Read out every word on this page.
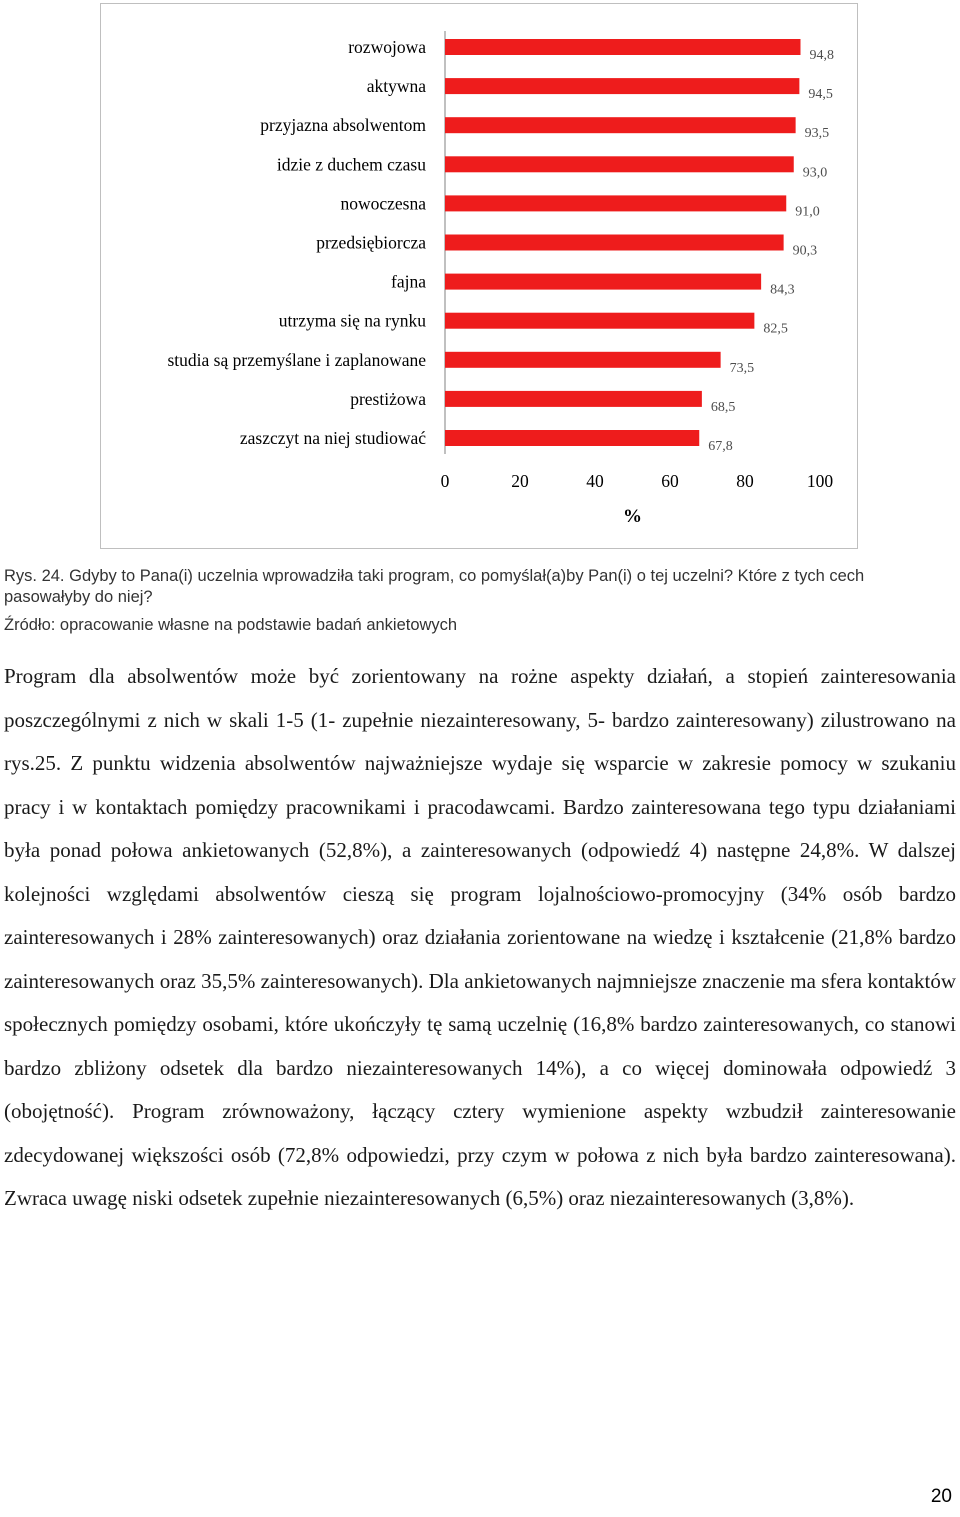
rozwojowa	94,8
aktywna	94,5
przyjazna absolwentom	93,5
idzie z duchem czasu	93,0
nowoczesna	91,0
przedsiębiorcza	90,3
fajna	84,3
utrzyma się na rynku	82,5
studia są przemyślane i zaplanowane	73,5
prestiżowa	68,5
zaszczyt na niej studiować	67,8
0	20	40	60	80	100
%
Rys. 24. Gdyby to Pana(i) uczelnia wprowadziła taki program, co pomyślał(a)by Pan(i) o tej uczelni? Które z tych cech pasowałyby do niej?
Źródło: opracowanie własne na podstawie badań ankietowych

Program dla absolwentów może być zorientowany na rożne aspekty działań, a stopień zainteresowania poszczególnymi z nich w skali 1-5 (1- zupełnie niezainteresowany, 5- bardzo zainteresowany) zilustrowano na rys.25. Z punktu widzenia absolwentów najważniejsze wydaje się wsparcie w zakresie pomocy w szukaniu pracy i w kontaktach pomiędzy pracownikami i pracodawcami. Bardzo zainteresowana tego typu działaniami była ponad połowa ankietowanych (52,8%), a zainteresowanych (odpowiedź 4) następne 24,8%. W dalszej kolejności względami absolwentów cieszą się program lojalnościowo-promocyjny (34% osób bardzo zainteresowanych i 28% zainteresowanych) oraz działania zorientowane na wiedzę i kształcenie (21,8% bardzo zainteresowanych oraz 35,5% zainteresowanych). Dla ankietowanych najmniejsze znaczenie ma sfera kontaktów społecznych pomiędzy osobami, które ukończyły tę samą uczelnię (16,8% bardzo zainteresowanych, co stanowi bardzo zbliżony odsetek dla bardzo niezainteresowanych 14%), a co więcej dominowała odpowiedź 3 (obojętność). Program zrównoważony, łączący cztery wymienione aspekty wzbudził zainteresowanie zdecydowanej większości osób (72,8% odpowiedzi, przy czym w połowa z nich była bardzo zainteresowana). Zwraca uwagę niski odsetek zupełnie niezainteresowanych (6,5%) oraz niezainteresowanych (3,8%).

20
